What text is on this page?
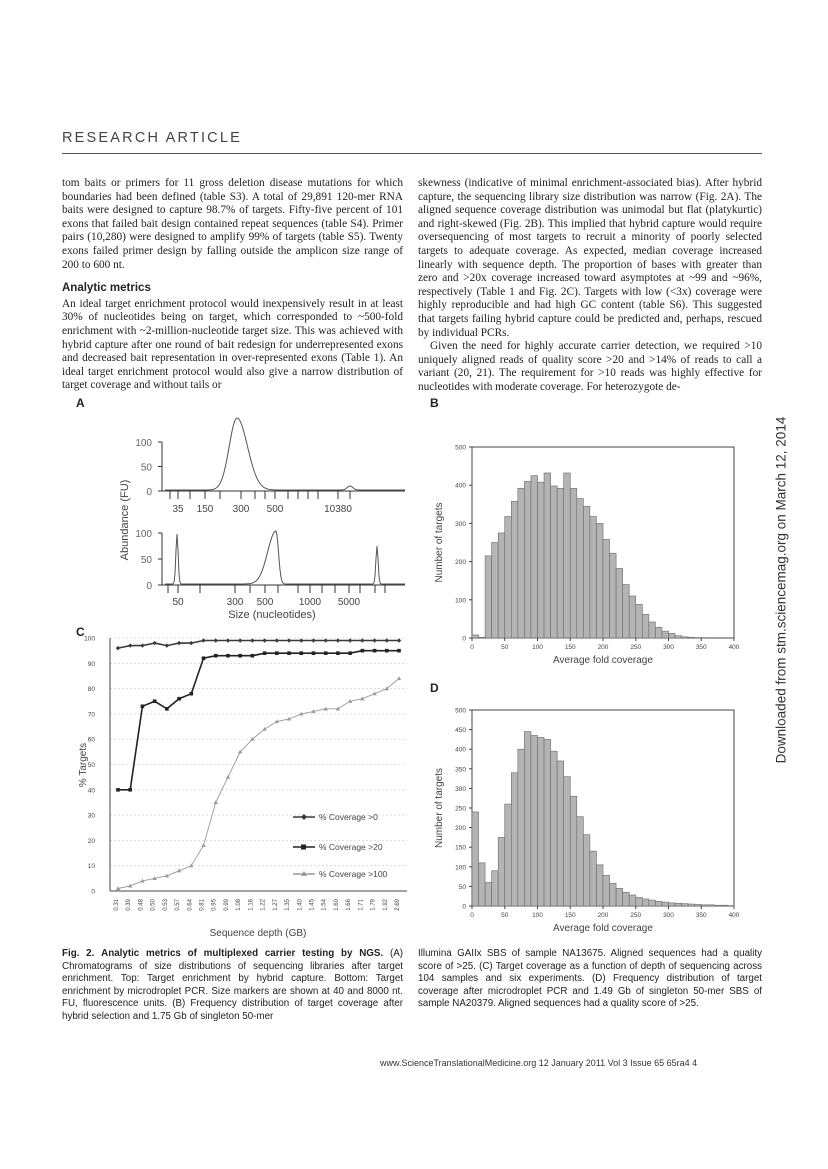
RESEARCH ARTICLE

tom baits or primers for 11 gross deletion disease mutations for which boundaries had been defined (table S3). A total of 29,891 120-mer RNA baits were designed to capture 98.7% of targets. Fifty-five percent of 101 exons that failed bait design contained repeat sequences (table S4). Primer pairs (10,280) were designed to amplify 99% of targets (table S5). Twenty exons failed primer design by falling outside the amplicon size range of 200 to 600 nt.

Analytic metrics

An ideal target enrichment protocol would inexpensively result in at least 30% of nucleotides being on target, which corresponded to ~500-fold enrichment with ~2-million-nucleotide target size. This was achieved with hybrid capture after one round of bait redesign for underrepresented exons and decreased bait representation in over-represented exons (Table 1). An ideal target enrichment protocol would also give a narrow distribution of target coverage and without tails or

skewness (indicative of minimal enrichment-associated bias). After hybrid capture, the sequencing library size distribution was narrow (Fig. 2A). The aligned sequence coverage distribution was unimodal but flat (platykurtic) and right-skewed (Fig. 2B). This implied that hybrid capture would require oversequencing of most targets to recruit a minority of poorly selected targets to adequate coverage. As expected, median coverage increased linearly with sequence depth. The proportion of bases with greater than zero and >20x coverage increased toward asymptotes at ~99 and ~96%, respectively (Table 1 and Fig. 2C). Targets with low (<3x) coverage were highly reproducible and had high GC content (table S6). This suggested that targets failing hybrid capture could be predicted and, perhaps, rescued by individual PCRs.

Given the need for highly accurate carrier detection, we required >10 uniquely aligned reads of quality score >20 and >14% of reads to call a variant (20, 21). The requirement for >10 reads was highly effective for nucleotides with moderate coverage. For heterozygote de-

Downloaded from stm.sciencemag.org on March 12, 2014
A	B
C
D
Abundance (FU) 0
50
100
35 150 300 500	10380
0
50
100
50	300 500	1000 5000
Size (nucleotides)
0
100
200
300
400
500
0	50	100	150	200	250	300	350	400
Average fold coverage
Number of targets
0
10
20
30
40
50
60
70
80
90
100
0.31 0.39 0.48 0.50 0.53 0.57 0.64 0.81 0.95 0.99 1.08 1.16 1.22 1.27 1.35 1.40 1.45 1.54 1.60 1.66 1.71 1.79 1.92 2.69
% Coverage >0
% Coverage >20
% Coverage >100
Sequence depth (GB)
% Targets
0
50
100
150
200
250
300
350
400
450
500
0	50	100	150	200	250	300	350	400
Average fold coverage
Number of targets
Fig. 2. Analytic metrics of multiplexed carrier testing by NGS. (A) Chromatograms of size distributions of sequencing libraries after target enrichment. Top: Target enrichment by hybrid capture. Bottom: Target enrichment by microdroplet PCR. Size markers are shown at 40 and 8000 nt. FU, fluorescence units. (B) Frequency distribution of target coverage after hybrid selection and 1.75 Gb of singleton 50-mer
Illumina GAIIx SBS of sample NA13675. Aligned sequences had a quality score of >25. (C) Target coverage as a function of depth of sequencing across 104 samples and six experiments. (D) Frequency distribution of target coverage after microdroplet PCR and 1.49 Gb of singleton 50-mer SBS of sample NA20379. Aligned sequences had a quality score of >25.
www.ScienceTranslationalMedicine.org 12 January 2011 Vol 3 Issue 65 65ra4 4
